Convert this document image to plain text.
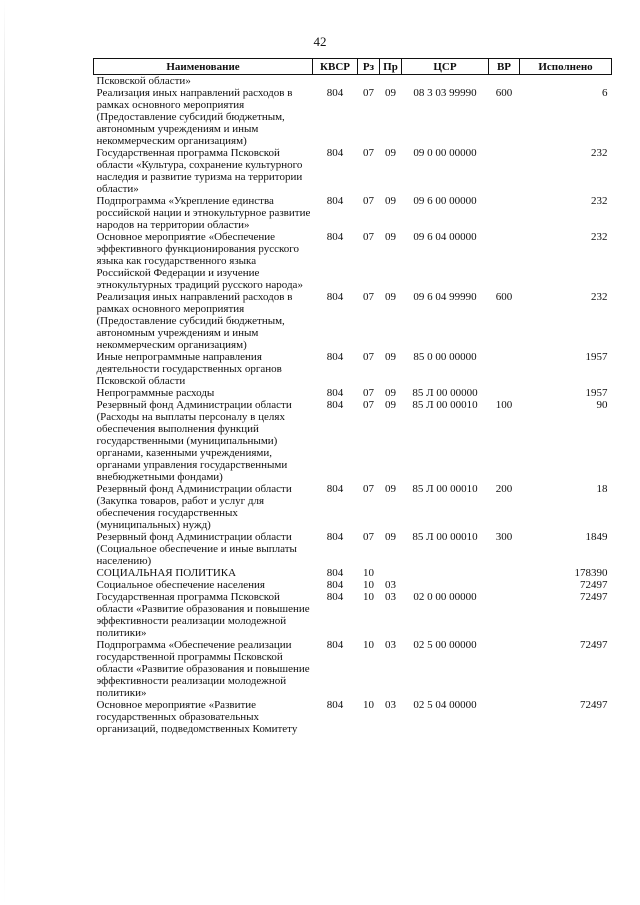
42
Наименование	КВСР	Рз	Пр	ЦСР	ВР	Исполнено
Псковской области»						
Реализация иных направлений расходов в рамках основного мероприятия (Предоставление субсидий бюджетным, автономным учреждениям и иным некоммерческим организациям)	804	07	09	08 3 03 99990	600	6
Государственная программа Псковской области «Культура, сохранение культурного наследия и развитие туризма на территории области»	804	07	09	09 0 00 00000		232
Подпрограмма «Укрепление единства российской нации и этнокультурное развитие народов на территории области»	804	07	09	09 6 00 00000		232
Основное мероприятие «Обеспечение эффективного функционирования русского языка как государственного языка Российской Федерации и изучение этнокультурных традиций русского народа»	804	07	09	09 6 04 00000		232
Реализация иных направлений расходов в рамках основного мероприятия (Предоставление субсидий бюджетным, автономным учреждениям и иным некоммерческим организациям)	804	07	09	09 6 04 99990	600	232
Иные непрограммные направления деятельности государственных органов Псковской области	804	07	09	85 0 00 00000		1957
Непрограммные расходы	804	07	09	85 Л 00 00000		1957
Резервный фонд Администрации области (Расходы на выплаты персоналу в целях обеспечения выполнения функций государственными (муниципальными) органами, казенными учреждениями, органами управления государственными внебюджетными фондами)	804	07	09	85 Л 00 00010	100	90
Резервный фонд Администрации области (Закупка товаров, работ и услуг для обеспечения государственных (муниципальных) нужд)	804	07	09	85 Л 00 00010	200	18
Резервный фонд Администрации области (Социальное обеспечение и иные выплаты населению)	804	07	09	85 Л 00 00010	300	1849
СОЦИАЛЬНАЯ ПОЛИТИКА	804	10				178390
Социальное обеспечение населения	804	10	03			72497
Государственная программа Псковской области «Развитие образования и повышение эффективности реализации молодежной политики»	804	10	03	02 0 00 00000		72497
Подпрограмма «Обеспечение реализации государственной программы Псковской области «Развитие образования и повышение эффективности реализации молодежной политики»	804	10	03	02 5 00 00000		72497
Основное мероприятие «Развитие государственных образовательных организаций, подведомственных Комитету	804	10	03	02 5 04 00000		72497
